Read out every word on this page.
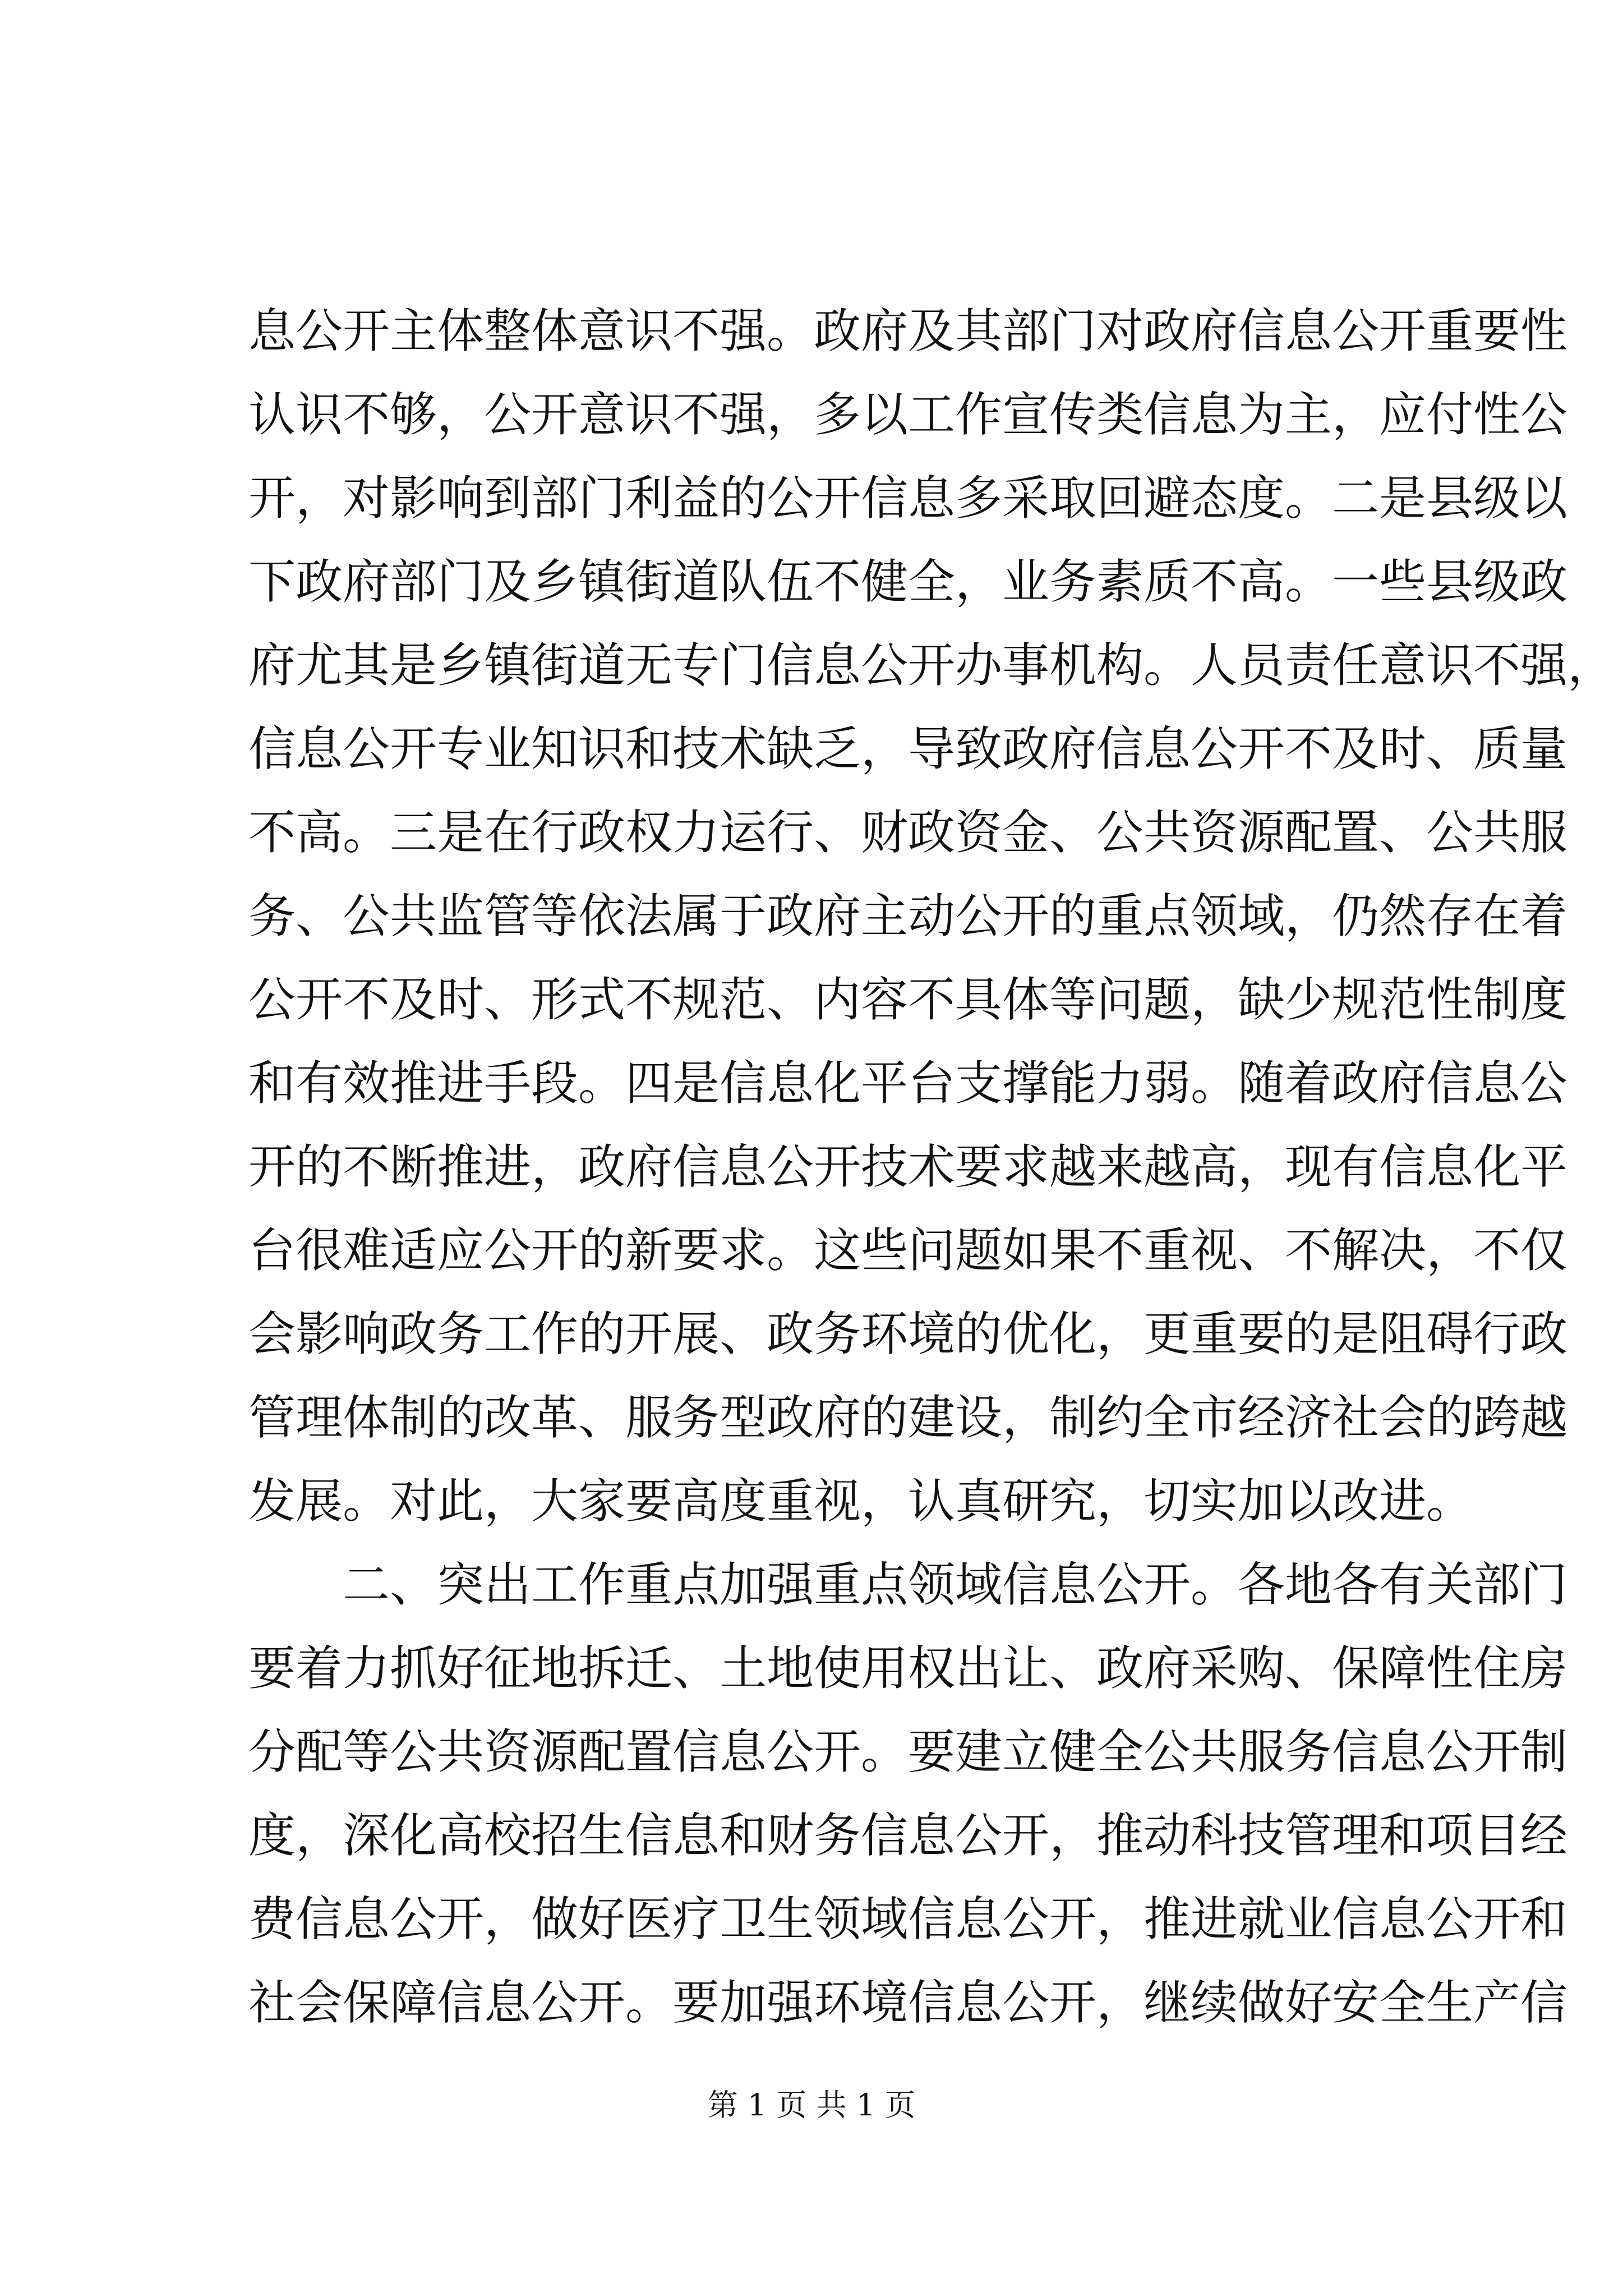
息公开主体整体意识不强。政府及其部门对政府信息公开重要性
认识不够，公开意识不强，多以工作宣传类信息为主，应付性公
开，对影响到部门利益的公开信息多采取回避态度。二是县级以
下政府部门及乡镇街道队伍不健全，业务素质不高。一些县级政
府尤其是乡镇街道无专门信息公开办事机构。人员责任意识不强，
信息公开专业知识和技术缺乏，导致政府信息公开不及时、质量
不高。三是在行政权力运行、财政资金、公共资源配置、公共服
务、公共监管等依法属于政府主动公开的重点领域，仍然存在着
公开不及时、形式不规范、内容不具体等问题，缺少规范性制度
和有效推进手段。四是信息化平台支撑能力弱。随着政府信息公
开的不断推进，政府信息公开技术要求越来越高，现有信息化平
台很难适应公开的新要求。这些问题如果不重视、不解决，不仅
会影响政务工作的开展、政务环境的优化，更重要的是阻碍行政
管理体制的改革、服务型政府的建设，制约全市经济社会的跨越
发展。对此，大家要高度重视，认真研究，切实加以改进。
二、突出工作重点加强重点领域信息公开。各地各有关部门
要着力抓好征地拆迁、土地使用权出让、政府采购、保障性住房
分配等公共资源配置信息公开。要建立健全公共服务信息公开制
度，深化高校招生信息和财务信息公开，推动科技管理和项目经
费信息公开，做好医疗卫生领域信息公开，推进就业信息公开和
社会保障信息公开。要加强环境信息公开，继续做好安全生产信
第 1 页 共 1 页
